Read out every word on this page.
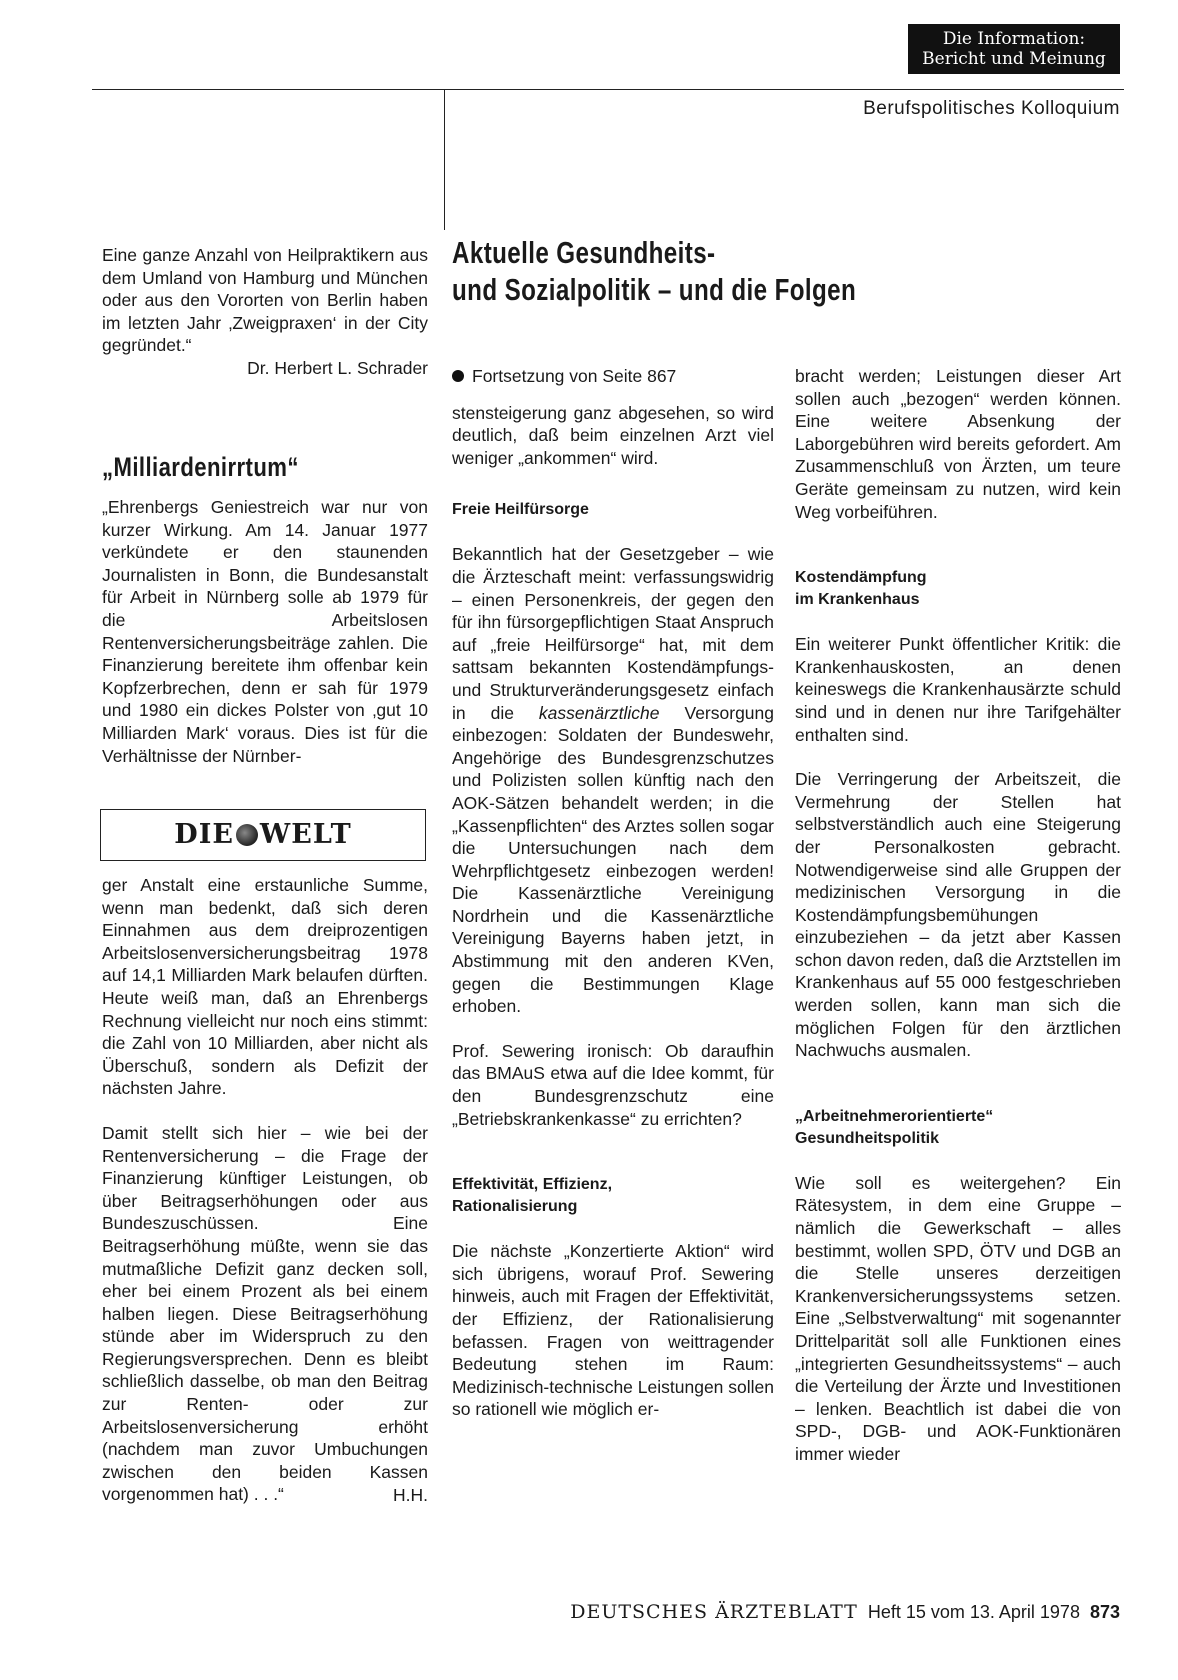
Die Information:
Bericht und Meinung
Berufspolitisches Kolloquium

Eine ganze Anzahl von Heilpraktikern aus dem Umland von Hamburg und München oder aus den Vororten von Berlin haben im letzten Jahr ‚Zweigpraxen‘ in der City gegründet.“

Dr. Herbert L. Schrader

„Milliardenirrtum“

„Ehrenbergs Geniestreich war nur von kurzer Wirkung. Am 14. Januar 1977 verkündete er den staunenden Journalisten in Bonn, die Bundesanstalt für Arbeit in Nürnberg solle ab 1979 für die Arbeitslosen Rentenversicherungsbeiträge zahlen. Die Finanzierung bereitete ihm offenbar kein Kopfzerbrechen, denn er sah für 1979 und 1980 ein dickes Polster von ‚gut 10 Milliarden Mark‘ voraus. Dies ist für die Verhältnisse der Nürnber-

DIE WELT

ger Anstalt eine erstaunliche Summe, wenn man bedenkt, daß sich deren Einnahmen aus dem dreiprozentigen Arbeitslosenversicherungsbeitrag 1978 auf 14,1 Milliarden Mark belaufen dürften. Heute weiß man, daß an Ehrenbergs Rechnung vielleicht nur noch eins stimmt: die Zahl von 10 Milliarden, aber nicht als Überschuß, sondern als Defizit der nächsten Jahre.

Damit stellt sich hier – wie bei der Rentenversicherung – die Frage der Finanzierung künftiger Leistungen, ob über Beitragserhöhungen oder aus Bundeszuschüssen. Eine Beitragserhöhung müßte, wenn sie das mutmaßliche Defizit ganz decken soll, eher bei einem Prozent als bei einem halben liegen. Diese Beitragserhöhung stünde aber im Widerspruch zu den Regierungsversprechen. Denn es bleibt schließlich dasselbe, ob man den Beitrag zur Renten- oder zur Arbeitslosenversicherung erhöht (nachdem man zuvor Umbuchungen zwischen den beiden Kassen vorgenommen hat) . . .“	H.H.

Aktuelle Gesundheits-
und Sozialpolitik – und die Folgen

Fortsetzung von Seite 867

stensteigerung ganz abgesehen, so wird deutlich, daß beim einzelnen Arzt viel weniger „ankommen“ wird.

Freie Heilfürsorge

Bekanntlich hat der Gesetzgeber – wie die Ärzteschaft meint: verfassungswidrig – einen Personenkreis, der gegen den für ihn fürsorgepflichtigen Staat Anspruch auf „freie Heilfürsorge“ hat, mit dem sattsam bekannten Kostendämpfungs- und Strukturveränderungsgesetz einfach in die kassenärztliche Versorgung einbezogen: Soldaten der Bundeswehr, Angehörige des Bundesgrenzschutzes und Polizisten sollen künftig nach den AOK-Sätzen behandelt werden; in die „Kassenpflichten“ des Arztes sollen sogar die Untersuchungen nach dem Wehrpflichtgesetz einbezogen werden! Die Kassenärztliche Vereinigung Nordrhein und die Kassenärztliche Vereinigung Bayerns haben jetzt, in Abstimmung mit den anderen KVen, gegen die Bestimmungen Klage erhoben.

Prof. Sewering ironisch: Ob daraufhin das BMAuS etwa auf die Idee kommt, für den Bundesgrenzschutz eine „Betriebskrankenkasse“ zu errichten?

Effektivität, Effizienz,
Rationalisierung

Die nächste „Konzertierte Aktion“ wird sich übrigens, worauf Prof. Sewering hinweis, auch mit Fragen der Effektivität, der Effizienz, der Rationalisierung befassen. Fragen von weittragender Bedeutung stehen im Raum: Medizinisch-technische Leistungen sollen so rationell wie möglich er-

bracht werden; Leistungen dieser Art sollen auch „bezogen“ werden können. Eine weitere Absenkung der Laborgebühren wird bereits gefordert. Am Zusammenschluß von Ärzten, um teure Geräte gemeinsam zu nutzen, wird kein Weg vorbeiführen.

Kostendämpfung
im Krankenhaus

Ein weiterer Punkt öffentlicher Kritik: die Krankenhauskosten, an denen keineswegs die Krankenhausärzte schuld sind und in denen nur ihre Tarifgehälter enthalten sind.

Die Verringerung der Arbeitszeit, die Vermehrung der Stellen hat selbstverständlich auch eine Steigerung der Personalkosten gebracht. Notwendigerweise sind alle Gruppen der medizinischen Versorgung in die Kostendämpfungsbemühungen einzubeziehen – da jetzt aber Kassen schon davon reden, daß die Arztstellen im Krankenhaus auf 55 000 festgeschrieben werden sollen, kann man sich die möglichen Folgen für den ärztlichen Nachwuchs ausmalen.

„Arbeitnehmerorientierte“
Gesundheitspolitik

Wie soll es weitergehen? Ein Rätesystem, in dem eine Gruppe – nämlich die Gewerkschaft – alles bestimmt, wollen SPD, ÖTV und DGB an die Stelle unseres derzeitigen Krankenversicherungssystems setzen. Eine „Selbstverwaltung“ mit sogenannter Drittelparität soll alle Funktionen eines „integrierten Gesundheitssystems“ – auch die Verteilung der Ärzte und Investitionen – lenken. Beachtlich ist dabei die von SPD-, DGB- und AOK-Funktionären immer wieder

DEUTSCHES ÄRZTEBLATT Heft 15 vom 13. April 1978 873
